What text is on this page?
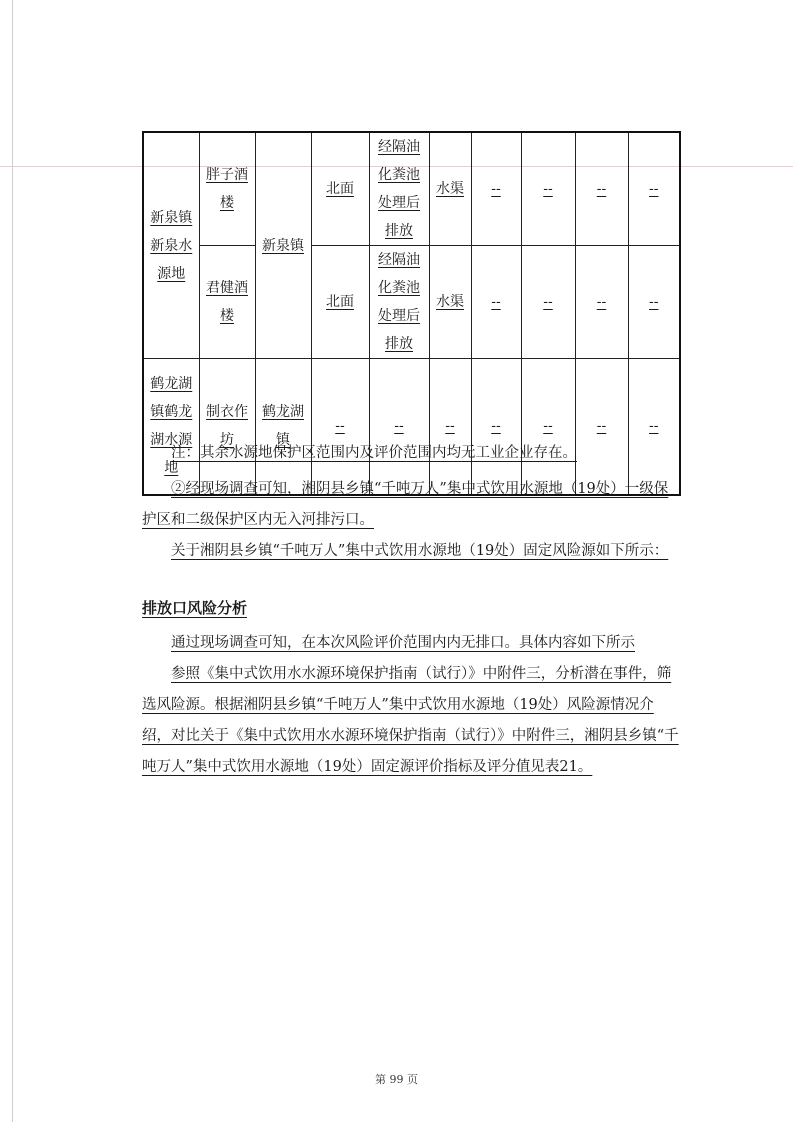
新泉镇新泉水源地	胖子酒楼	新泉镇	北面	经隔油化粪池处理后排放	水渠	--	--	--	--
	君健酒楼		北面	经隔油化粪池处理后排放	水渠	--	--	--	--
鹤龙湖镇鹤龙湖水源地	制衣作坊	鹤龙湖镇	--	--	--	--	--	--	--

注：其余水源地保护区范围内及评价范围内均无工业企业存在。

②经现场调查可知，湘阴县乡镇“千吨万人”集中式饮用水源地（19处）一级保护区和二级保护区内无入河排污口。

关于湘阴县乡镇“千吨万人”集中式饮用水源地（19处）固定风险源如下所示：

排放口风险分析

通过现场调查可知，在本次风险评价范围内内无排口。具体内容如下所示

参照《集中式饮用水水源环境保护指南（试行）》中附件三，分析潜在事件，筛选风险源。根据湘阴县乡镇“千吨万人”集中式饮用水源地（19处）风险源情况介绍，对比关于《集中式饮用水水源环境保护指南（试行）》中附件三，湘阴县乡镇“千吨万人”集中式饮用水源地（19处）固定源评价指标及评分值见表21。

第 99 页
